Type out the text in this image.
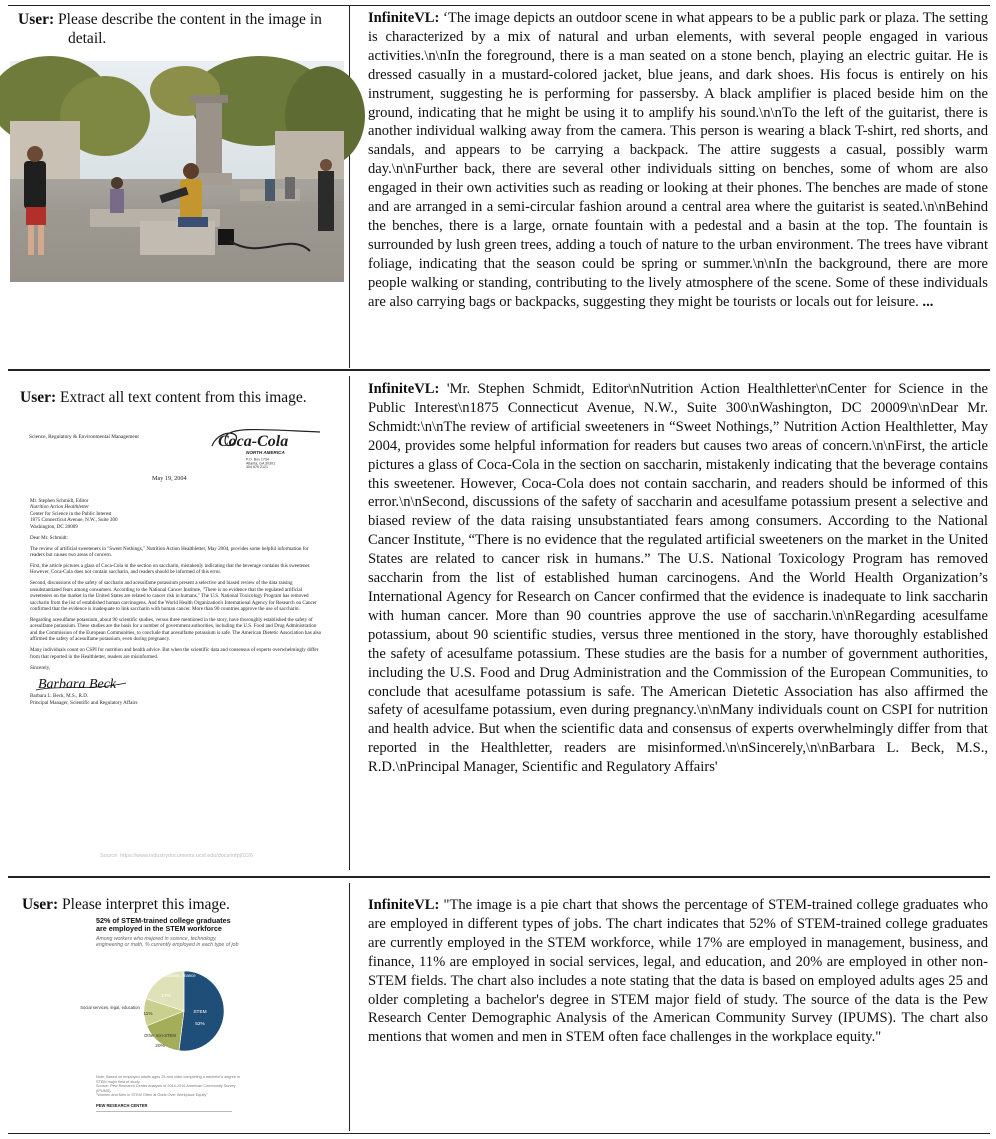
User: Please describe the content in the image in detail.
InfiniteVL: ‘The image depicts an outdoor scene in what appears to be a public park or plaza. The setting is characterized by a mix of natural and urban elements, with several people engaged in various activities.\n\nIn the foreground, there is a man seated on a stone bench, playing an electric guitar. He is dressed casually in a mustard-colored jacket, blue jeans, and dark shoes. His focus is entirely on his instrument, suggesting he is performing for passersby. A black amplifier is placed beside him on the ground, indicating that he might be using it to amplify his sound.\n\nTo the left of the guitarist, there is another individual walking away from the camera. This person is wearing a black T-shirt, red shorts, and sandals, and appears to be carrying a backpack. The attire suggests a casual, possibly warm day.\n\nFurther back, there are several other individuals sitting on benches, some of whom are also engaged in their own activities such as reading or looking at their phones. The benches are made of stone and are arranged in a semi-circular fashion around a central area where the guitarist is seated.\n\nBehind the benches, there is a large, ornate fountain with a pedestal and a basin at the top. The fountain is surrounded by lush green trees, adding a touch of nature to the urban environment. The trees have vibrant foliage, indicating that the season could be spring or summer.\n\nIn the background, there are more people walking or standing, contributing to the lively atmosphere of the scene. Some of these individuals are also carrying bags or backpacks, suggesting they might be tourists or locals out for leisure. ...
User: Extract all text content from this image.
Science, Regulatory & Environmental Management	Coca-Cola
NORTH AMERICA
P.O. Box 1734
Atlanta, GA 30301
404 676 2121
May 19, 2004

Mr. Stephen Schmidt, Editor
Nutrition Action Healthletter
Center for Science in the Public Interest
1875 Connecticut Avenue, N.W., Suite 300
Washington, DC 20009

Dear Mr. Schmidt:

The review of artificial sweeteners in "Sweet Nothings," Nutrition Action Healthletter, May 2004, provides some helpful information for readers but causes two areas of concern.

First, the article pictures a glass of Coca-Cola in the section on saccharin, mistakenly indicating that the beverage contains this sweetener. However, Coca-Cola does not contain saccharin, and readers should be informed of this error.

Second, discussions of the safety of saccharin and acesulfame potassium present a selective and biased review of the data raising unsubstantiated fears among consumers. According to the National Cancer Institute, "There is no evidence that the regulated artificial sweeteners on the market in the United States are related to cancer risk in humans." The U.S. National Toxicology Program has removed saccharin from the list of established human carcinogens. And the World Health Organization's International Agency for Research on Cancer confirmed that the evidence is inadequate to link saccharin with human cancer. More than 90 countries approve the use of saccharin.

Regarding acesulfame potassium, about 90 scientific studies, versus three mentioned in the story, have thoroughly established the safety of acesulfame potassium. These studies are the basis for a number of government authorities, including the U.S. Food and Drug Administration and the Commission of the European Communities, to conclude that acesulfame potassium is safe. The American Dietetic Association has also affirmed the safety of acesulfame potassium, even during pregnancy.

Many individuals count on CSPI for nutrition and health advice. But when the scientific data and consensus of experts overwhelmingly differ from that reported in the Healthletter, readers are misinformed.

Sincerely,

Barbara Beck

Barbara L. Beck, M.S., R.D.
Principal Manager, Scientific and Regulatory Affairs

Source: https://www.industrydocuments.ucsf.edu/docs/mfpj0226
InfiniteVL: 'Mr. Stephen Schmidt, Editor\nNutrition Action Healthletter\nCenter for Science in the Public Interest\n1875 Connecticut Avenue, N.W., Suite 300\nWashington, DC 20009\n\nDear Mr. Schmidt:\n\nThe review of artificial sweeteners in “Sweet Nothings,” Nutrition Action Healthletter, May 2004, provides some helpful information for readers but causes two areas of concern.\n\nFirst, the article pictures a glass of Coca-Cola in the section on saccharin, mistakenly indicating that the beverage contains this sweetener. However, Coca-Cola does not contain saccharin, and readers should be informed of this error.\n\nSecond, discussions of the safety of saccharin and acesulfame potassium present a selective and biased review of the data raising unsubstantiated fears among consumers. According to the National Cancer Institute, “There is no evidence that the regulated artificial sweeteners on the market in the United States are related to cancer risk in humans.” The U.S. National Toxicology Program has removed saccharin from the list of established human carcinogens. And the World Health Organization’s International Agency for Research on Cancer confirmed that the evidence is inadequate to link saccharin with human cancer. More than 90 countries approve the use of saccharin.\n\nRegarding acesulfame potassium, about 90 scientific studies, versus three mentioned in the story, have thoroughly established the safety of acesulfame potassium. These studies are the basis for a number of government authorities, including the U.S. Food and Drug Administration and the Commission of the European Communities, to conclude that acesulfame potassium is safe. The American Dietetic Association has also affirmed the safety of acesulfame potassium, even during pregnancy.\n\nMany individuals count on CSPI for nutrition and health advice. But when the scientific data and consensus of experts overwhelmingly differ from that reported in the Healthletter, readers are misinformed.\n\nSincerely,\n\nBarbara L. Beck, M.S., R.D.\nPrincipal Manager, Scientific and Regulatory Affairs'
User: Please interpret this image.
52% of STEM-trained college graduates are employed in the STEM workforce
Among workers who majored in science, technology, engineering or math, % currently employed in each type of job
STEM
52%
Management, business, finance
17%
11%
Social services, legal, education
Other non-STEM
20%
Note: Based on employed adults ages 25 and older completing a bachelor's degree in STEM major field of study.
Source: Pew Research Center analysis of 2014-2016 American Community Survey (IPUMS).
"Women and Men in STEM Often at Odds Over Workplace Equity"
PEW RESEARCH CENTER
InfiniteVL: "The image is a pie chart that shows the percentage of STEM-trained college graduates who are employed in different types of jobs. The chart indicates that 52% of STEM-trained college graduates are currently employed in the STEM workforce, while 17% are employed in management, business, and finance, 11% are employed in social services, legal, and education, and 20% are employed in other non-STEM fields. The chart also includes a note stating that the data is based on employed adults ages 25 and older completing a bachelor's degree in STEM major field of study. The source of the data is the Pew Research Center Demographic Analysis of the American Community Survey (IPUMS). The chart also mentions that women and men in STEM often face challenges in the workplace equity."
